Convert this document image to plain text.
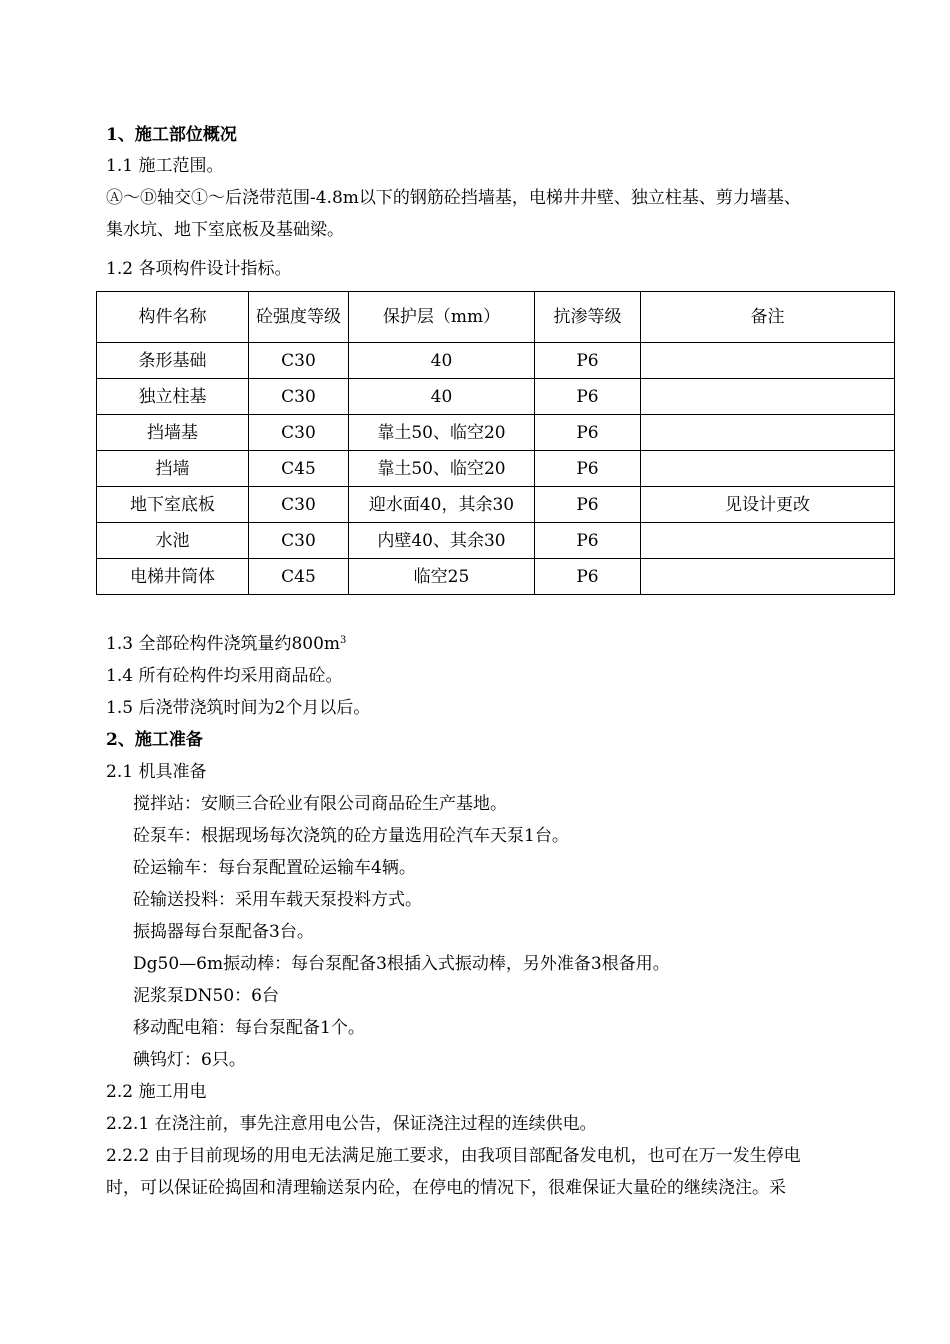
1、施工部位概况
1.1 施工范围。
Ⓐ～Ⓓ轴交①～后浇带范围-4.8m以下的钢筋砼挡墙基，电梯井井壁、独立柱基、剪力墙基、
集水坑、地下室底板及基础梁。
1.2 各项构件设计指标。
构件名称	砼强度等级	保护层（mm）	抗渗等级	备注
条形基础	C30	40	P6	
独立柱基	C30	40	P6	
挡墙基	C30	靠土50、临空20	P6	
挡墙	C45	靠土50、临空20	P6	
地下室底板	C30	迎水面40，其余30	P6	见设计更改
水池	C30	内壁40、其余30	P6	
电梯井筒体	C45	临空25	P6	
1.3 全部砼构件浇筑量约$800m^3$
1.4 所有砼构件均采用商品砼。
1.5 后浇带浇筑时间为2个月以后。
2、施工准备
2.1 机具准备
搅拌站：安顺三合砼业有限公司商品砼生产基地。
砼泵车：根据现场每次浇筑的砼方量选用砼汽车天泵1台。
砼运输车：每台泵配置砼运输车4辆。
砼输送投料：采用车载天泵投料方式。
振捣器每台泵配备3台。
Dg50—6m振动棒：每台泵配备3根插入式振动棒，另外准备3根备用。
泥浆泵DN50：6台
移动配电箱：每台泵配备1个。
碘钨灯：6只。
2.2 施工用电
2.2.1 在浇注前，事先注意用电公告，保证浇注过程的连续供电。
2.2.2 由于目前现场的用电无法满足施工要求，由我项目部配备发电机，也可在万一发生停电
时，可以保证砼捣固和清理输送泵内砼，在停电的情况下，很难保证大量砼的继续浇注。采
